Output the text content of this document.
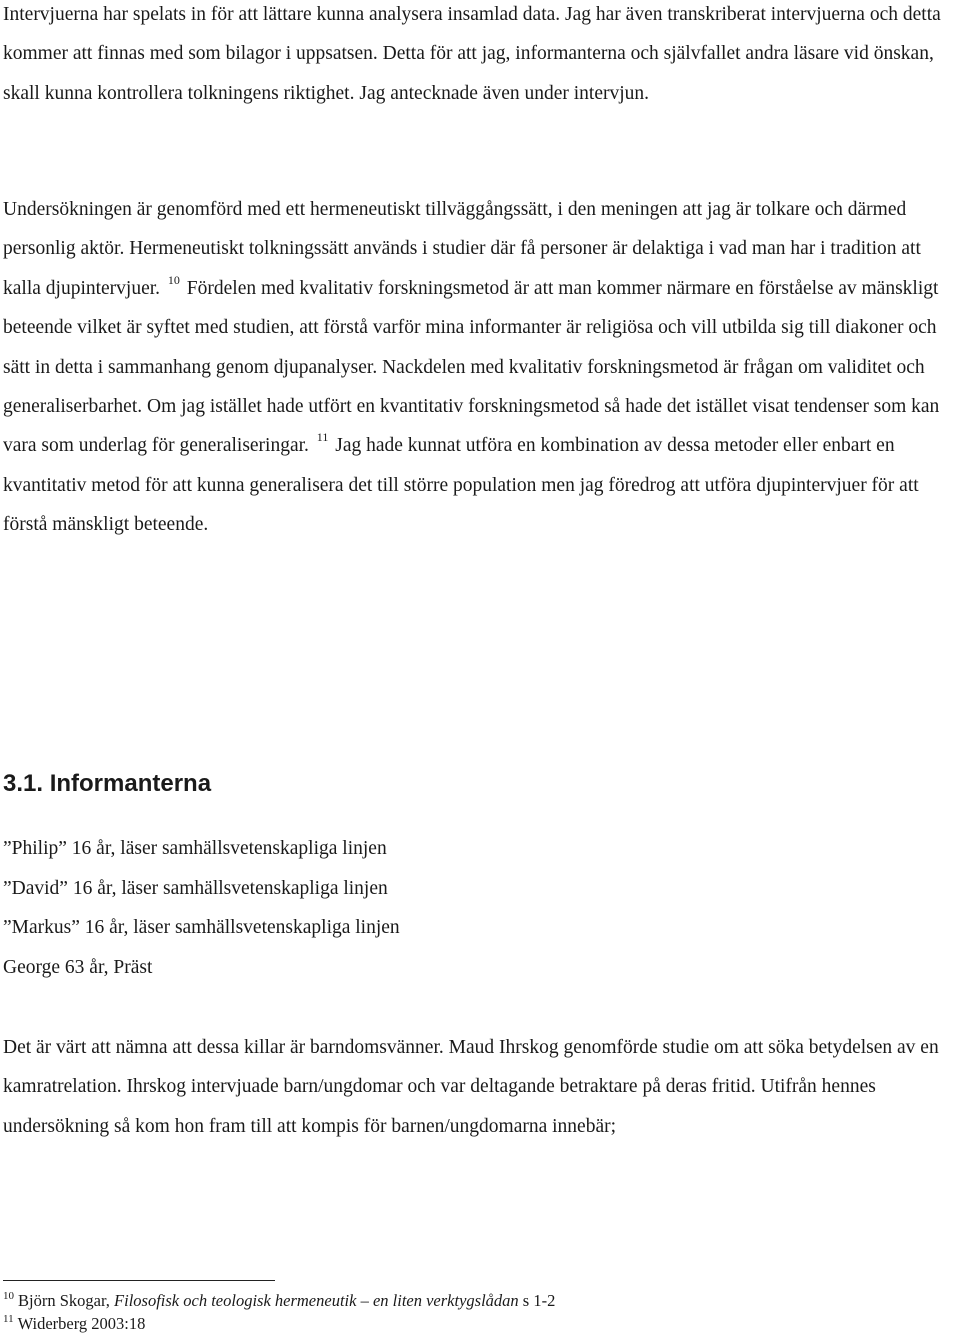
Intervjuerna har spelats in för att lättare kunna analysera insamlad data. Jag har även transkriberat intervjuerna och detta kommer att finnas med som bilagor i uppsatsen. Detta för att jag, informanterna och självfallet andra läsare vid önskan, skall kunna kontrollera tolkningens riktighet. Jag antecknade även under intervjun.

Undersökningen är genomförd med ett hermeneutiskt tillväggångssätt, i den meningen att jag är tolkare och därmed personlig aktör. Hermeneutiskt tolkningssätt används i studier där få personer är delaktiga i vad man har i tradition att kalla djupintervjuer. $^{10}$ Fördelen med kvalitativ forskningsmetod är att man kommer närmare en förståelse av mänskligt beteende vilket är syftet med studien, att förstå varför mina informanter är religiösa och vill utbilda sig till diakoner och sätt in detta i sammanhang genom djupanalyser. Nackdelen med kvalitativ forskningsmetod är frågan om validitet och generaliserbarhet. Om jag istället hade utfört en kvantitativ forskningsmetod så hade det istället visat tendenser som kan vara som underlag för generaliseringar. $^{11}$ Jag hade kunnat utföra en kombination av dessa metoder eller enbart en kvantitativ metod för att kunna generalisera det till större population men jag föredrog att utföra djupintervjuer för att förstå mänskligt beteende.

3.1. Informanterna
”Philip” 16 år, läser samhällsvetenskapliga linjen
”David” 16 år, läser samhällsvetenskapliga linjen
”Markus” 16 år, läser samhällsvetenskapliga linjen
George 63 år, Präst

Det är värt att nämna att dessa killar är barndomsvänner. Maud Ihrskog genomförde studie om att söka betydelsen av en kamratrelation. Ihrskog intervjuade barn/ungdomar och var deltagande betraktare på deras fritid. Utifrån hennes undersökning så kom hon fram till att kompis för barnen/ungdomarna innebär;

$^{10}$ Björn Skogar, Filosofisk och teologisk hermeneutik – en liten verktygslådan s 1-2
$^{11}$ Widerberg 2003:18
